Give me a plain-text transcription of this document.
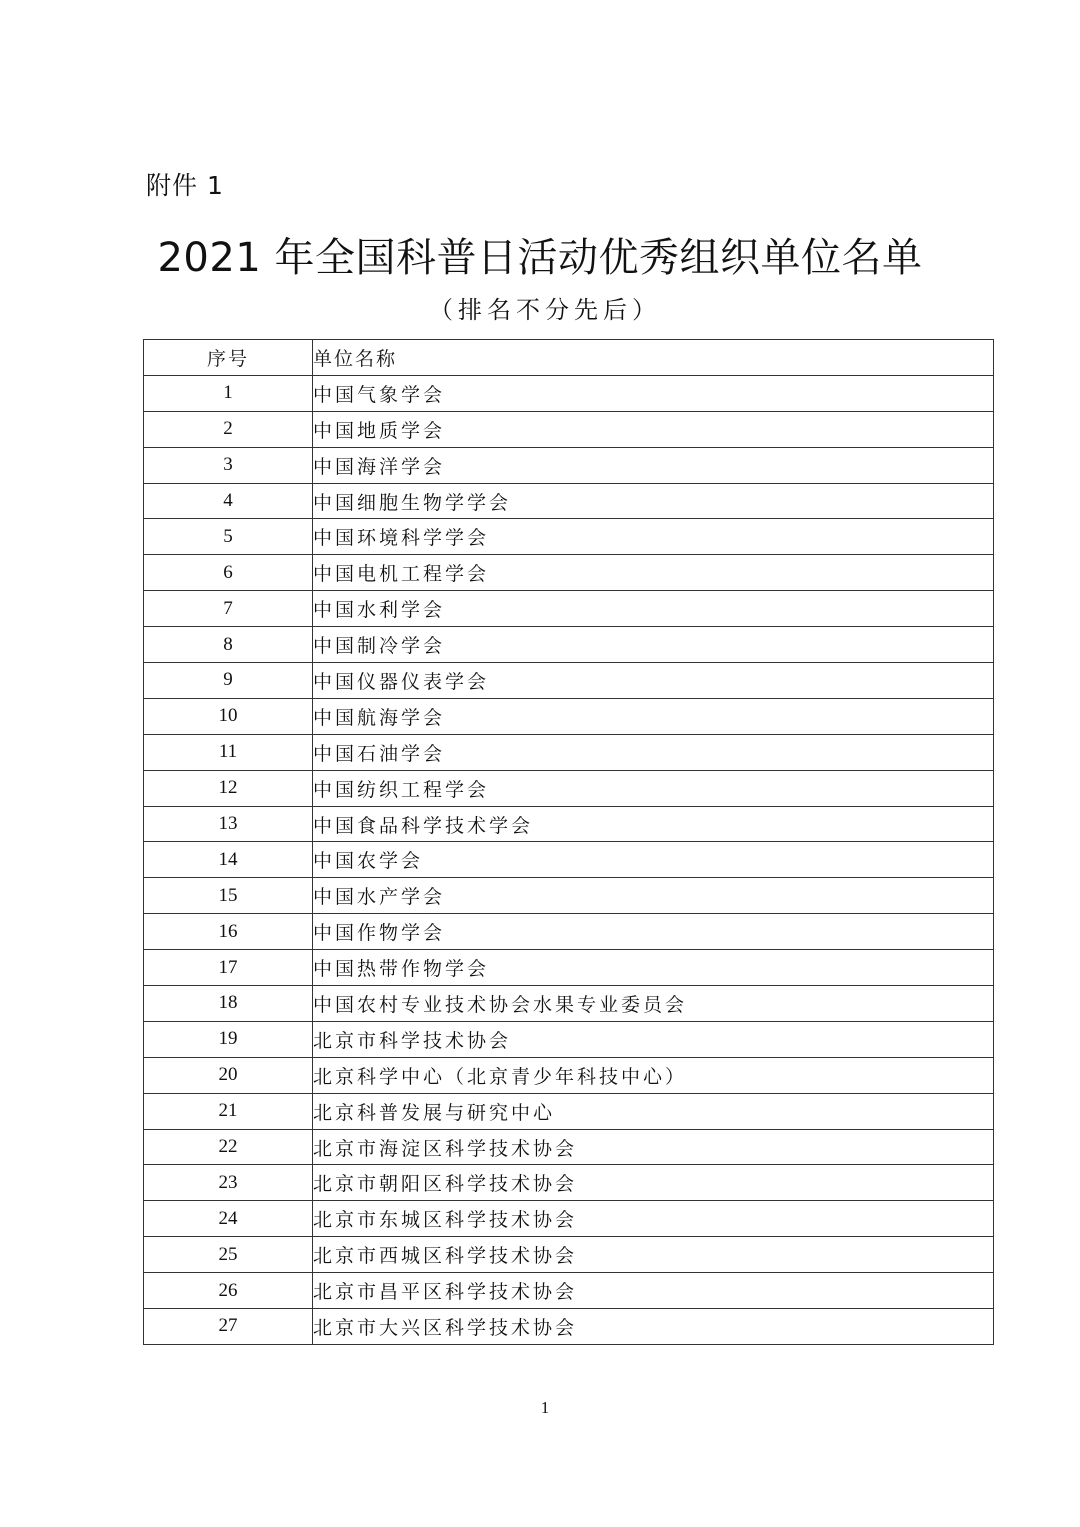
附件 1
2021 年全国科普日活动优秀组织单位名单
（排名不分先后）
序号	单位名称
1	中国气象学会
2	中国地质学会
3	中国海洋学会
4	中国细胞生物学学会
5	中国环境科学学会
6	中国电机工程学会
7	中国水利学会
8	中国制冷学会
9	中国仪器仪表学会
10	中国航海学会
11	中国石油学会
12	中国纺织工程学会
13	中国食品科学技术学会
14	中国农学会
15	中国水产学会
16	中国作物学会
17	中国热带作物学会
18	中国农村专业技术协会水果专业委员会
19	北京市科学技术协会
20	北京科学中心（北京青少年科技中心）
21	北京科普发展与研究中心
22	北京市海淀区科学技术协会
23	北京市朝阳区科学技术协会
24	北京市东城区科学技术协会
25	北京市西城区科学技术协会
26	北京市昌平区科学技术协会
27	北京市大兴区科学技术协会
1
